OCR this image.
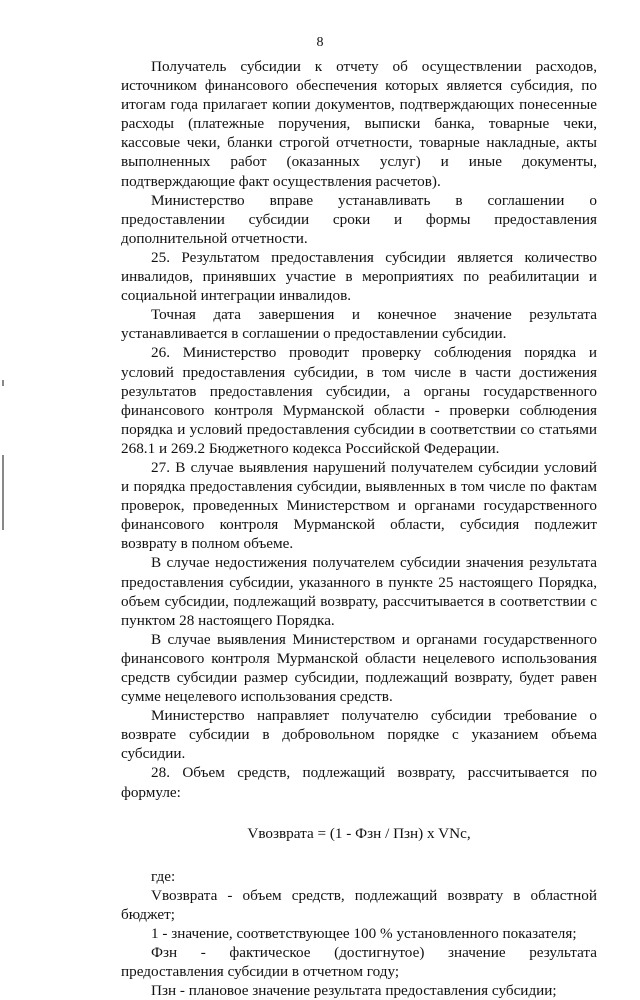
8

Получатель субсидии к отчету об осуществлении расходов, источником финансового обеспечения которых является субсидия, по итогам года прилагает копии документов, подтверждающих понесенные расходы (платежные поручения, выписки банка, товарные чеки, кассовые чеки, бланки строгой отчетности, товарные накладные, акты выполненных работ (оказанных услуг) и иные документы, подтверждающие факт осуществления расчетов).

Министерство вправе устанавливать в соглашении о предоставлении субсидии сроки и формы предоставления дополнительной отчетности.

25. Результатом предоставления субсидии является количество инвалидов, принявших участие в мероприятиях по реабилитации и социальной интеграции инвалидов.

Точная дата завершения и конечное значение результата устанавливается в соглашении о предоставлении субсидии.

26. Министерство проводит проверку соблюдения порядка и условий предоставления субсидии, в том числе в части достижения результатов предоставления субсидии, а органы государственного финансового контроля Мурманской области - проверки соблюдения порядка и условий предоставления субсидии в соответствии со статьями 268.1 и 269.2 Бюджетного кодекса Российской Федерации.

27. В случае выявления нарушений получателем субсидии условий и порядка предоставления субсидии, выявленных в том числе по фактам проверок, проведенных Министерством и органами государственного финансового контроля Мурманской области, субсидия подлежит возврату в полном объеме.

В случае недостижения получателем субсидии значения результата предоставления субсидии, указанного в пункте 25 настоящего Порядка, объем субсидии, подлежащий возврату, рассчитывается в соответствии с пунктом 28 настоящего Порядка.

В случае выявления Министерством и органами государственного финансового контроля Мурманской области нецелевого использования средств субсидии размер субсидии, подлежащий возврату, будет равен сумме нецелевого использования средств.

Министерство направляет получателю субсидии требование о возврате субсидии в добровольном порядке с указанием объема субсидии.

28. Объем средств, подлежащий возврату, рассчитывается по формуле:

Vвозврата = (1 - Фзн / Пзн) x VNc,

где:

Vвозврата - объем средств, подлежащий возврату в областной бюджет;

1 - значение, соответствующее 100 % установленного показателя;

Фзн - фактическое (достигнутое) значение результата предоставления субсидии в отчетном году;

Пзн - плановое значение результата предоставления субсидии;
